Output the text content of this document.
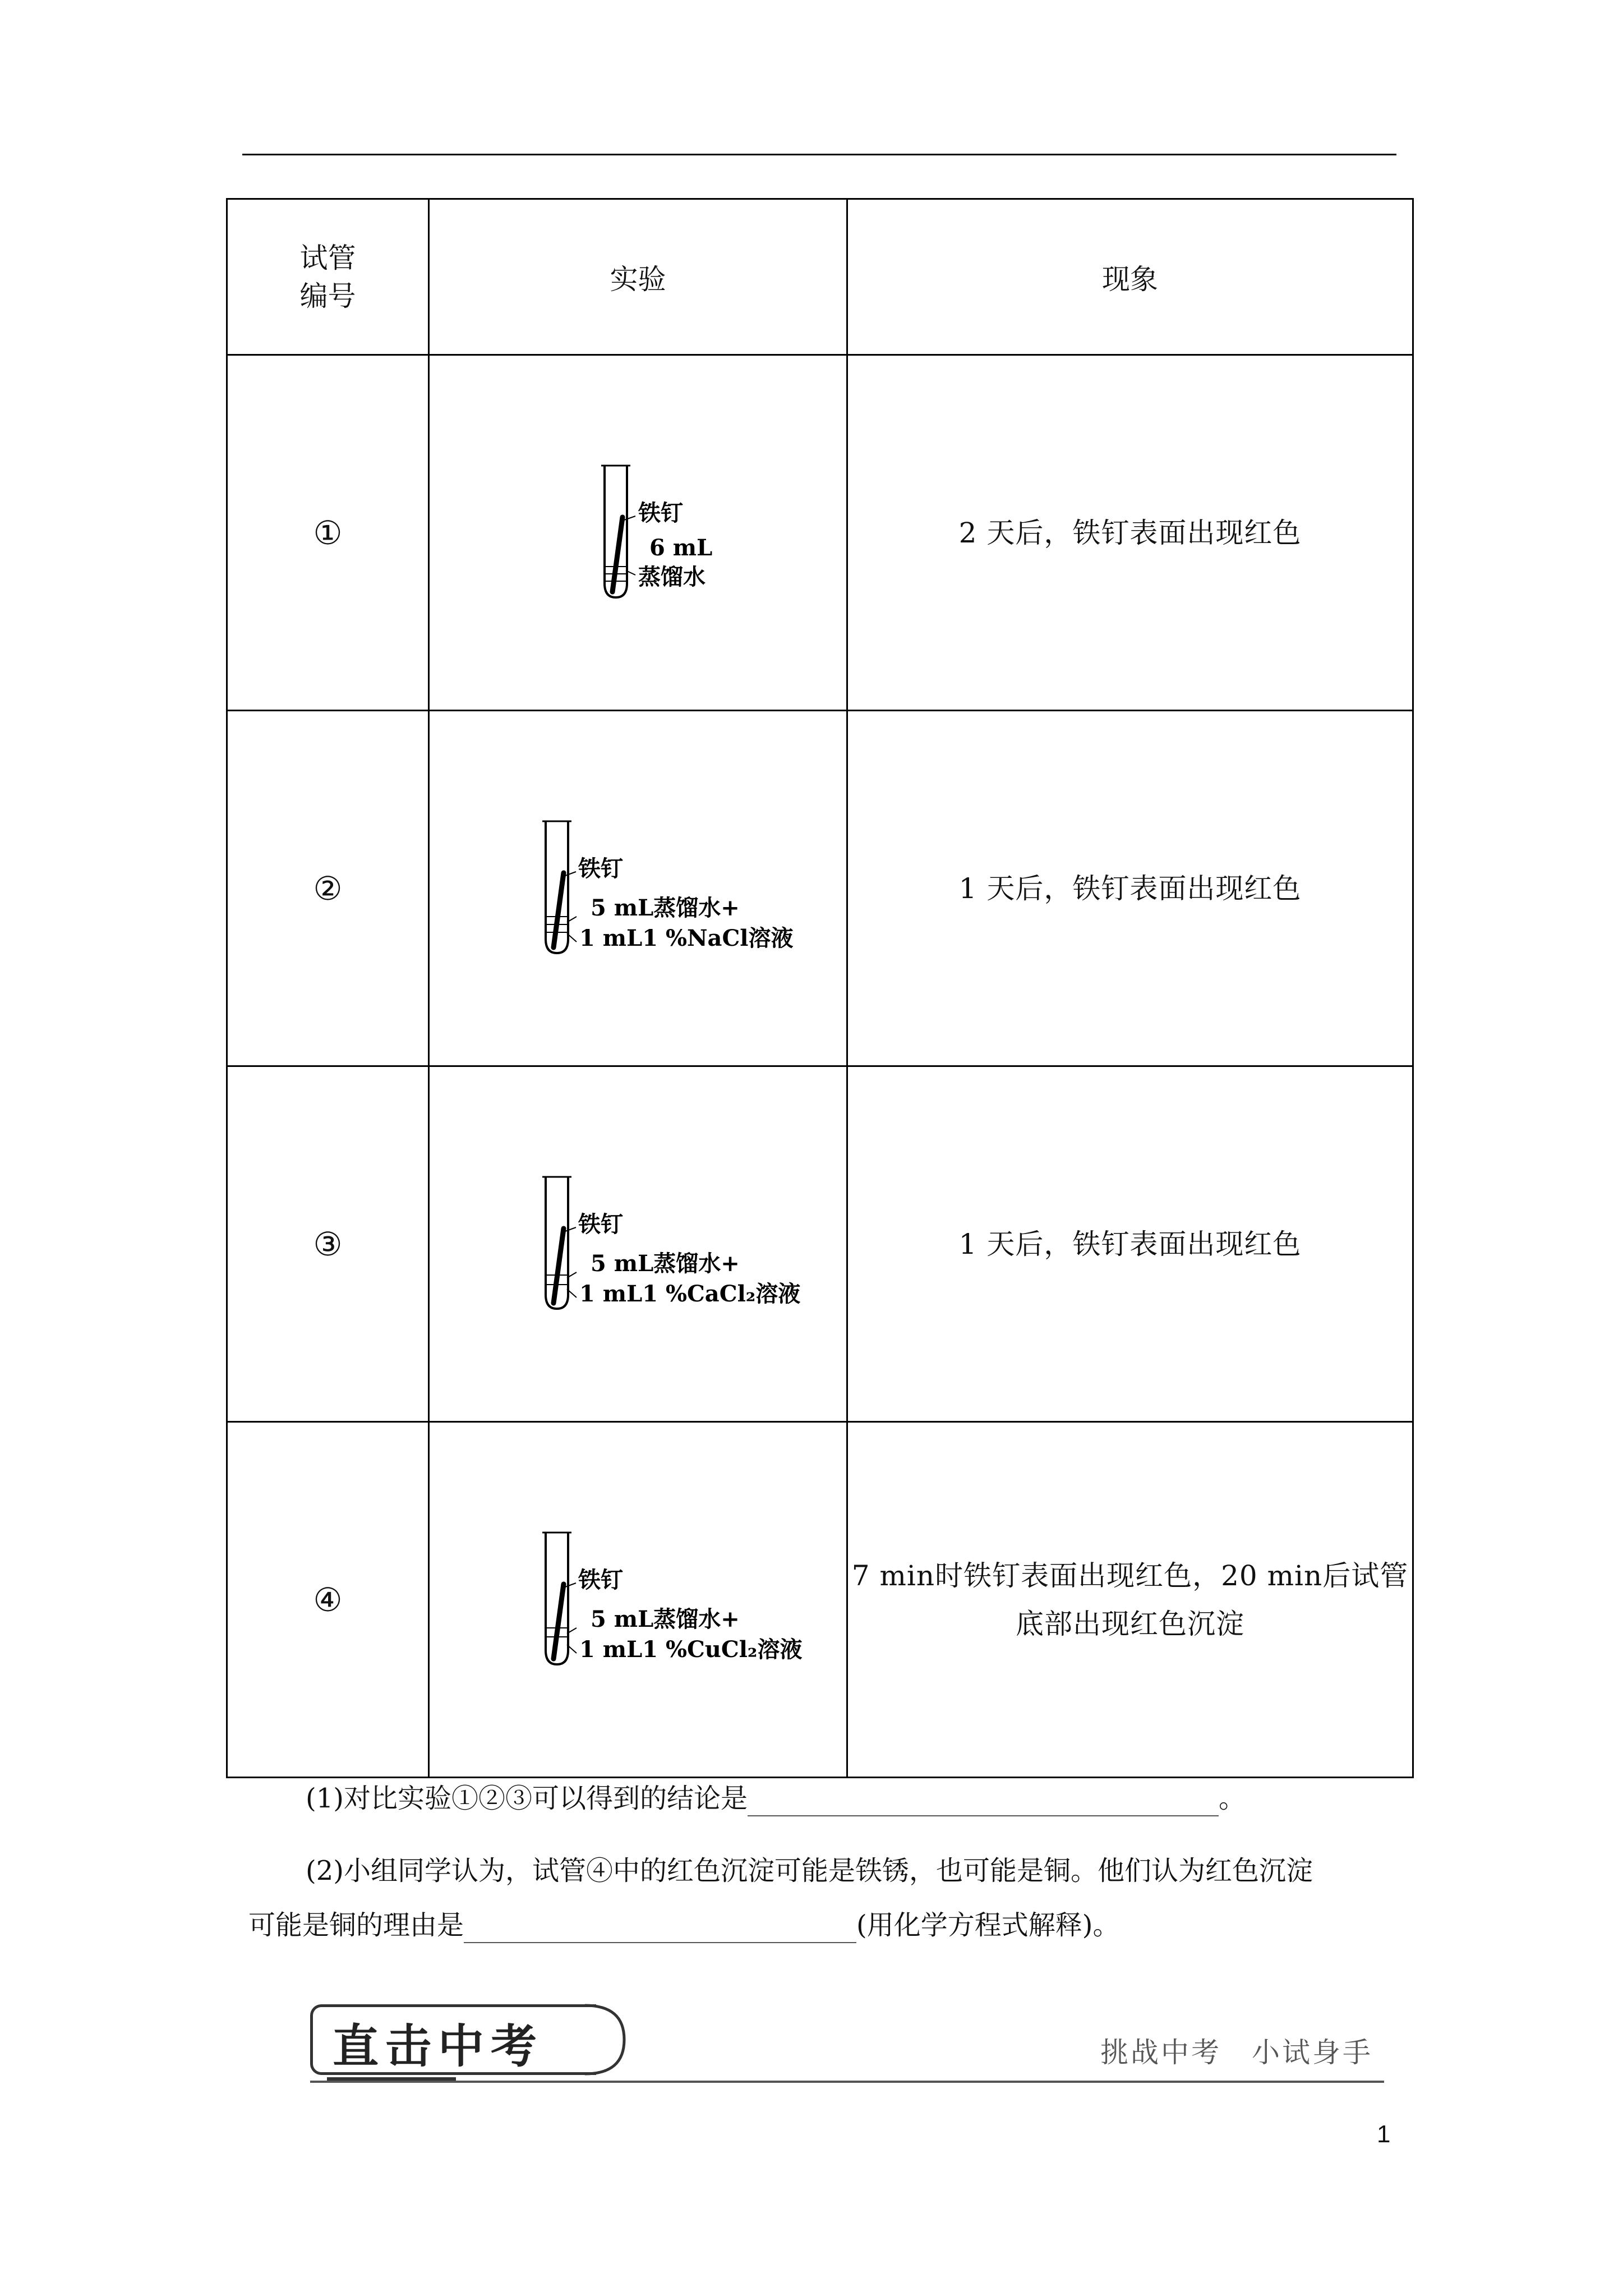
试管
编号	实验	现象
①	铁钉
6 mL
蒸馏水	2 天后，铁钉表面出现红色
②	铁钉
5 mL蒸馏水+
1 mL1 %NaCl溶液	1 天后，铁钉表面出现红色
③	铁钉
5 mL蒸馏水+
1 mL1 %CaCl₂溶液	1 天后，铁钉表面出现红色
④	铁钉
5 mL蒸馏水+
1 mL1 %CuCl₂溶液	7 min时铁钉表面出现红色，20 min后试管底部出现红色沉淀
(1)对比实验①②③可以得到的结论是	。
(2)小组同学认为，试管④中的红色沉淀可能是铁锈，也可能是铜。他们认为红色沉淀
可能是铜的理由是	(用化学方程式解释)。
直击中考	挑战中考　小试身手
1
